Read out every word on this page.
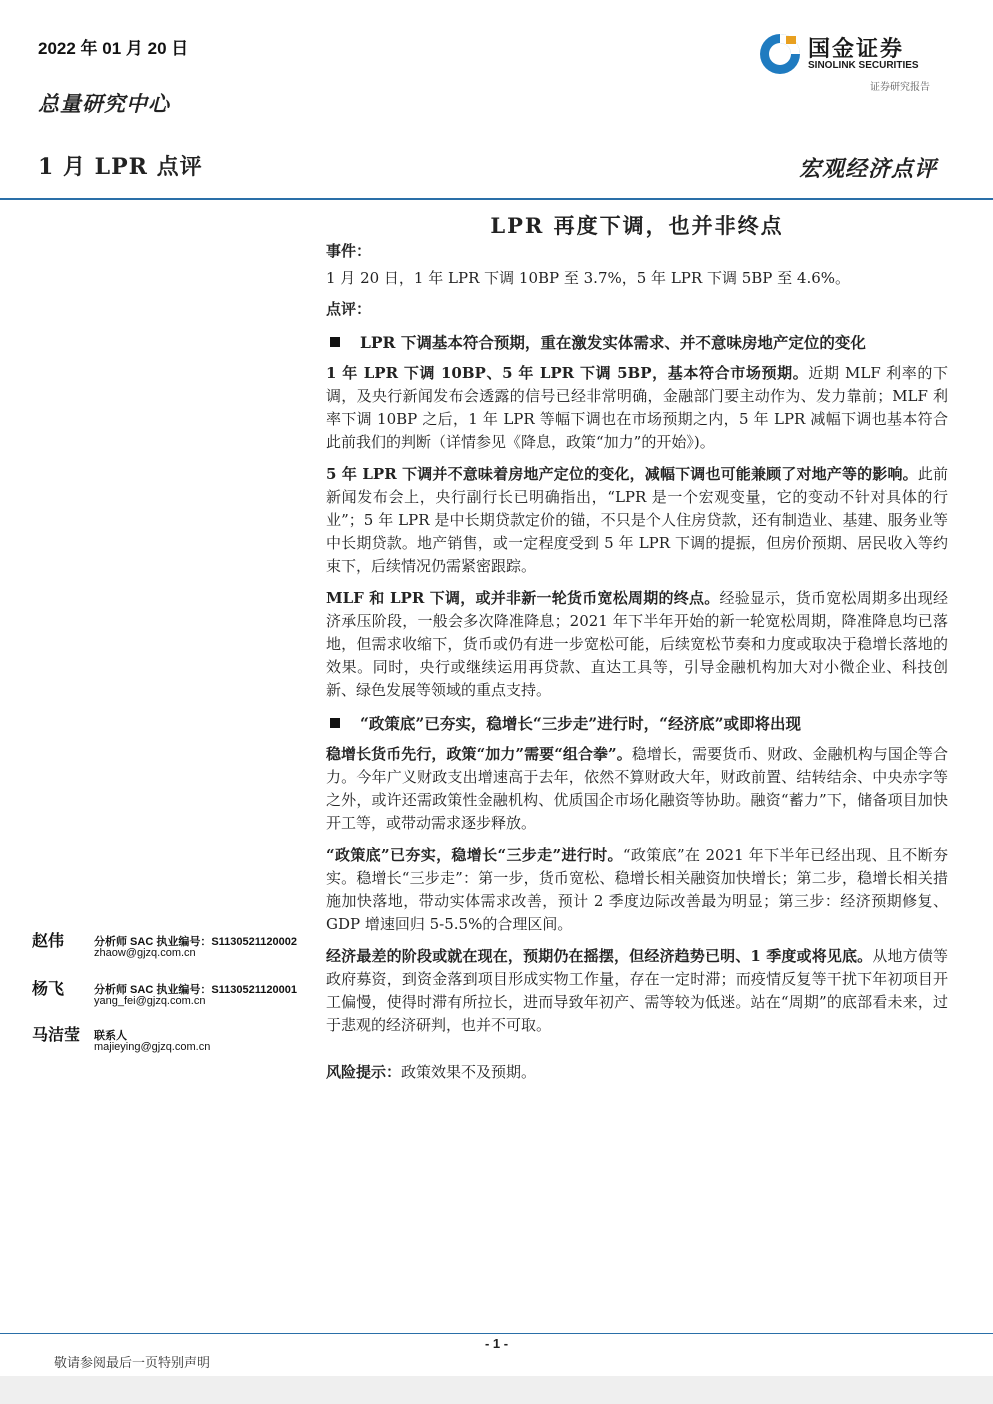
2022 年 01 月 20 日
总量研究中心
1 月 LPR 点评	宏观经济点评
国金证券
SINOLINK SECURITIES
证券研究报告
LPR 再度下调，也并非终点

事件：

1 月 20 日，1 年 LPR 下调 10BP 至 3.7%，5 年 LPR 下调 5BP 至 4.6%。

点评：

LPR 下调基本符合预期，重在激发实体需求、并不意味房地产定位的变化

1 年 LPR 下调 10BP、5 年 LPR 下调 5BP，基本符合市场预期。近期 MLF 利率的下调，及央行新闻发布会透露的信号已经非常明确，金融部门要主动作为、发力靠前；MLF 利率下调 10BP 之后，1 年 LPR 等幅下调也在市场预期之内，5 年 LPR 减幅下调也基本符合此前我们的判断（详情参见《降息，政策“加力”的开始》)。

5 年 LPR 下调并不意味着房地产定位的变化，减幅下调也可能兼顾了对地产等的影响。此前新闻发布会上，央行副行长已明确指出，“LPR 是一个宏观变量，它的变动不针对具体的行业”；5 年 LPR 是中长期贷款定价的锚，不只是个人住房贷款，还有制造业、基建、服务业等中长期贷款。地产销售，或一定程度受到 5 年 LPR 下调的提振，但房价预期、居民收入等约束下，后续情况仍需紧密跟踪。

MLF 和 LPR 下调，或并非新一轮货币宽松周期的终点。经验显示，货币宽松周期多出现经济承压阶段，一般会多次降准降息；2021 年下半年开始的新一轮宽松周期，降准降息均已落地，但需求收缩下，货币或仍有进一步宽松可能，后续宽松节奏和力度或取决于稳增长落地的效果。同时，央行或继续运用再贷款、直达工具等，引导金融机构加大对小微企业、科技创新、绿色发展等领域的重点支持。

“政策底”已夯实，稳增长“三步走”进行时，“经济底”或即将出现

稳增长货币先行，政策“加力”需要“组合拳”。稳增长，需要货币、财政、金融机构与国企等合力。今年广义财政支出增速高于去年，依然不算财政大年，财政前置、结转结余、中央赤字等之外，或许还需政策性金融机构、优质国企市场化融资等协助。融资“蓄力”下，储备项目加快开工等，或带动需求逐步释放。

“政策底”已夯实，稳增长“三步走”进行时。“政策底”在 2021 年下半年已经出现、且不断夯实。稳增长“三步走”：第一步，货币宽松、稳增长相关融资加快增长；第二步，稳增长相关措施加快落地，带动实体需求改善，预计 2 季度边际改善最为明显；第三步：经济预期修复、GDP 增速回归 5-5.5%的合理区间。

经济最差的阶段或就在现在，预期仍在摇摆，但经济趋势已明、1 季度或将见底。从地方债等政府募资，到资金落到项目形成实物工作量，存在一定时滞；而疫情反复等干扰下年初项目开工偏慢，使得时滞有所拉长，进而导致年初产、需等较为低迷。站在“周期”的底部看未来，过于悲观的经济研判，也并不可取。

风险提示：政策效果不及预期。

赵伟	分析师 SAC 执业编号：S1130521120002
zhaow@gjzq.com.cn
杨飞	分析师 SAC 执业编号：S1130521120001
yang_fei@gjzq.com.cn
马洁莹 联系人
majieying@gjzq.com.cn
- 1 -
敬请参阅最后一页特别声明
